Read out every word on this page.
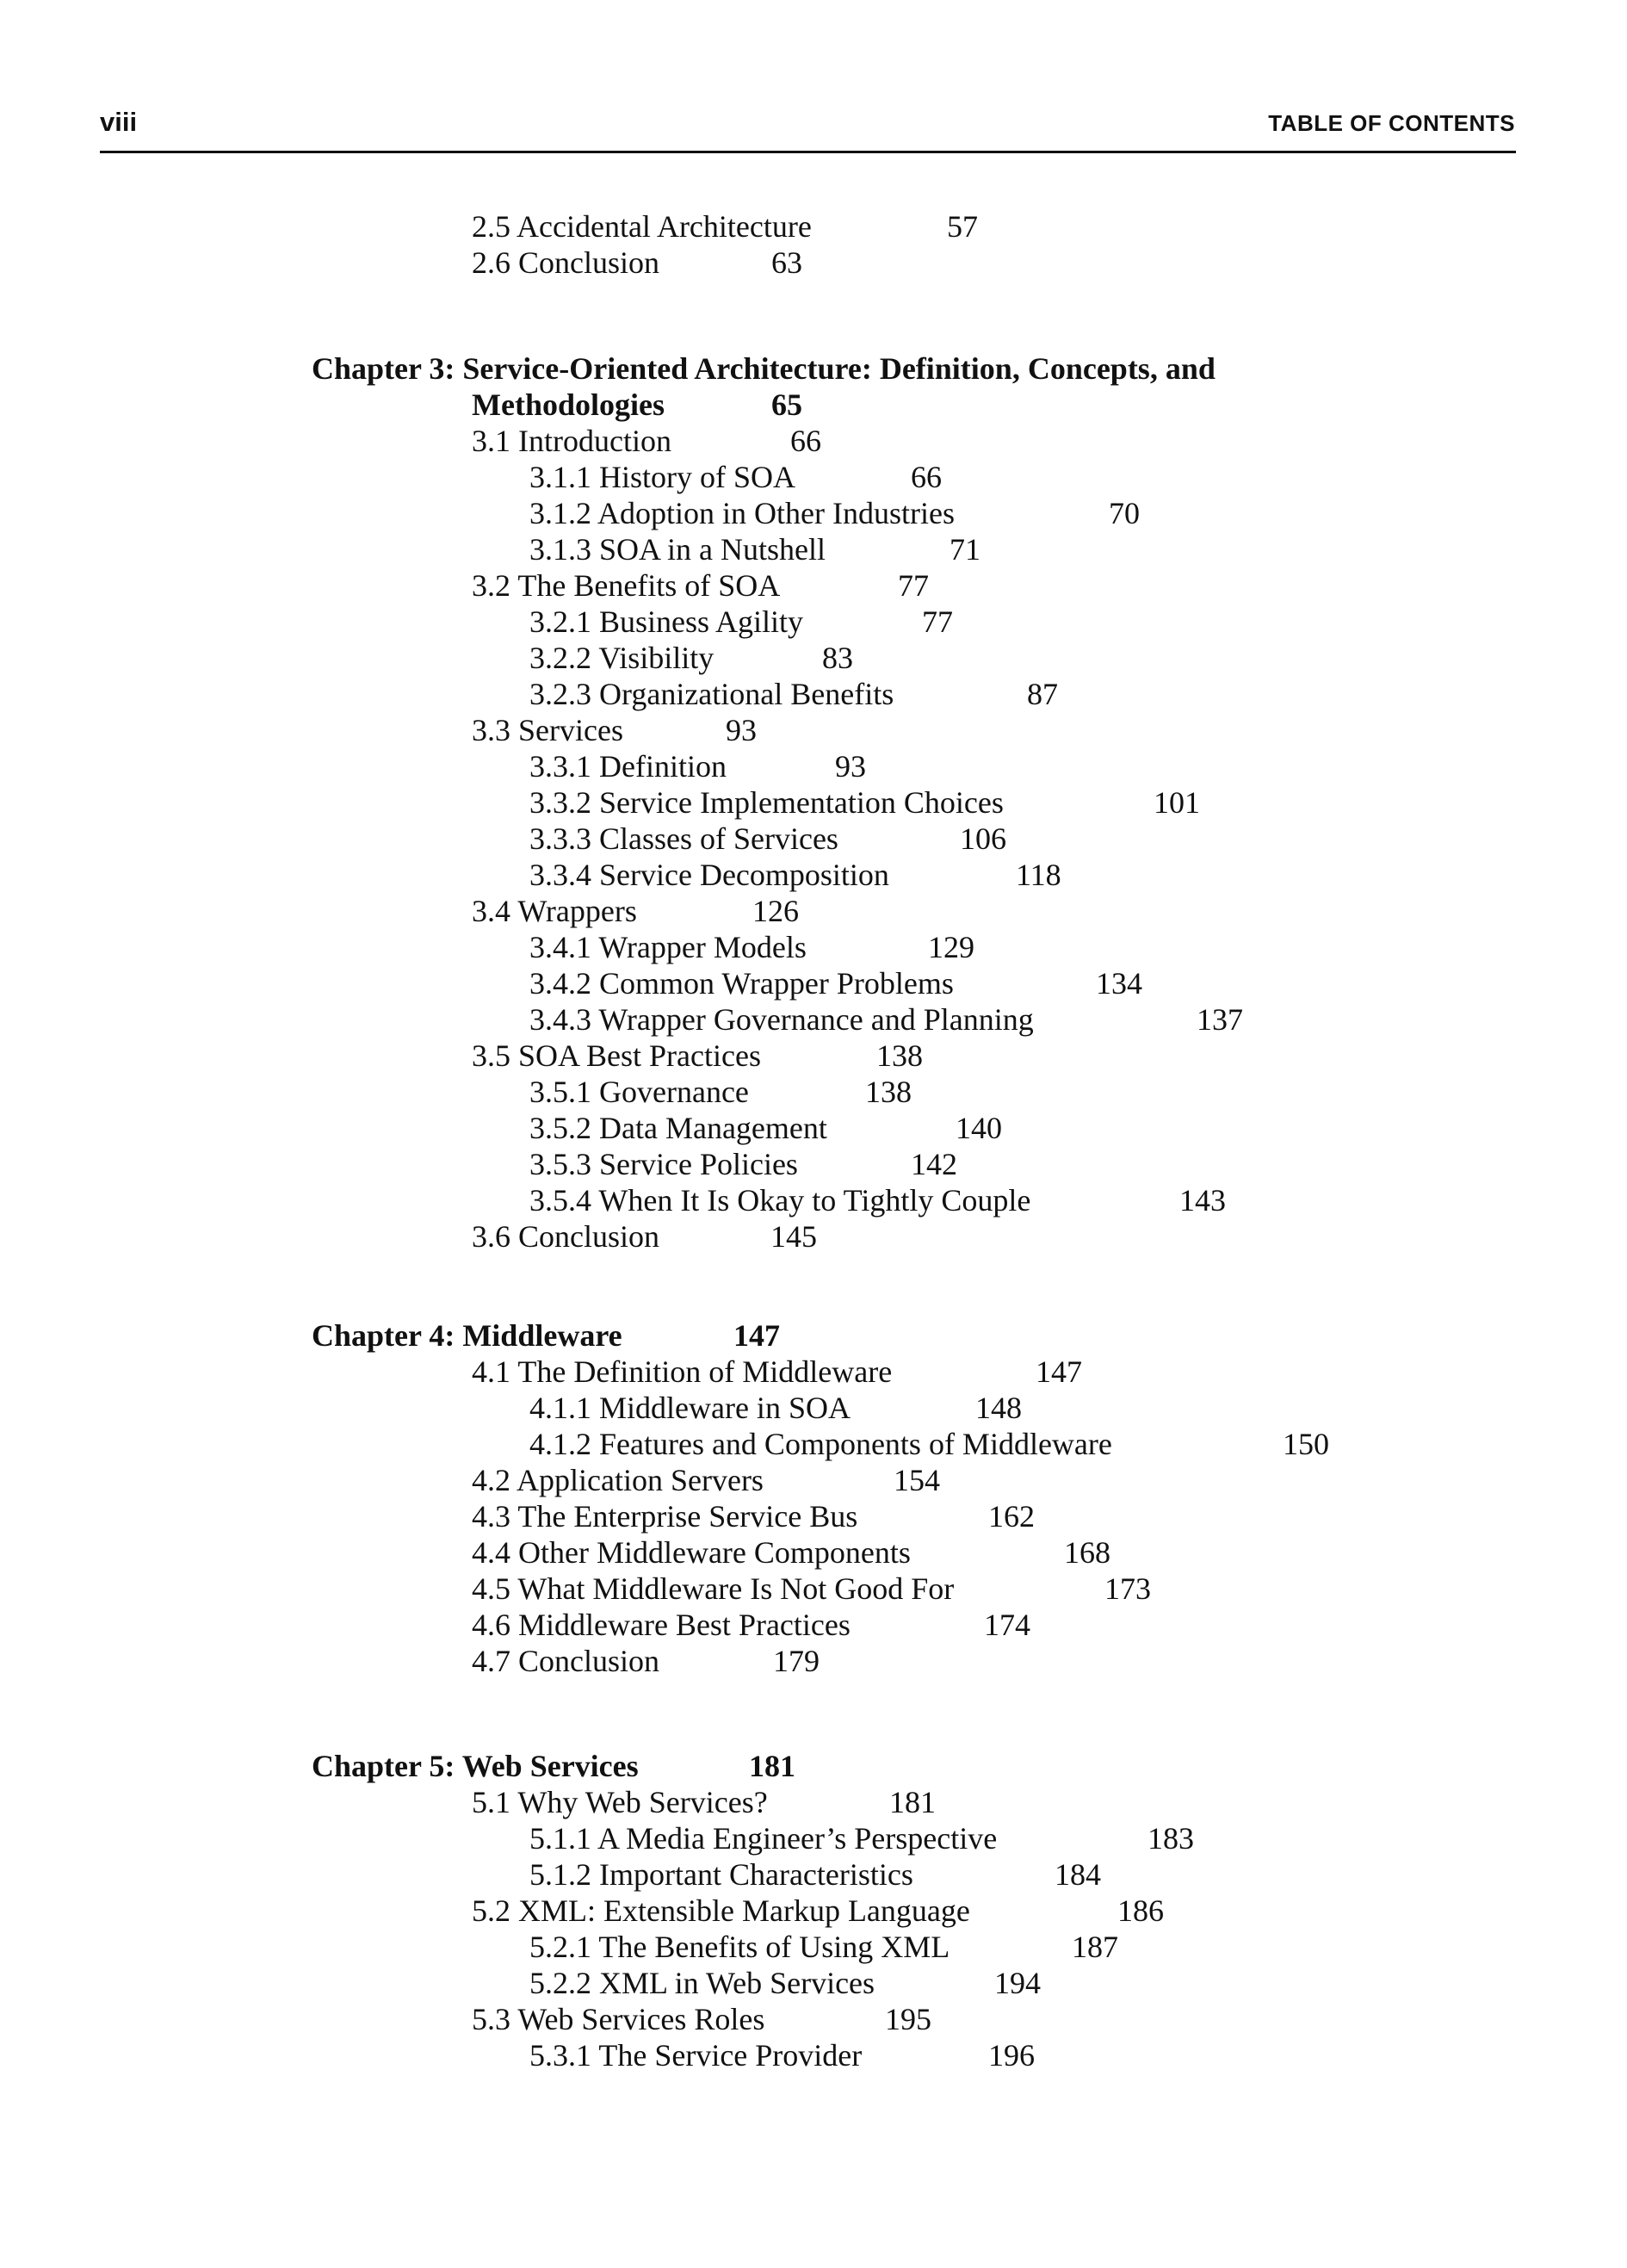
viii	TABLE OF CONTENTS
2.5 Accidental Architecture	57
2.6 Conclusion	63
Chapter 3: Service-Oriented Architecture: Definition, Concepts, and
Methodologies	65
3.1 Introduction	66
3.1.1 History of SOA	66
3.1.2 Adoption in Other Industries	70
3.1.3 SOA in a Nutshell	71
3.2 The Benefits of SOA	77
3.2.1 Business Agility	77
3.2.2 Visibility	83
3.2.3 Organizational Benefits	87
3.3 Services	93
3.3.1 Definition	93
3.3.2 Service Implementation Choices	101
3.3.3 Classes of Services	106
3.3.4 Service Decomposition	118
3.4 Wrappers	126
3.4.1 Wrapper Models	129
3.4.2 Common Wrapper Problems	134
3.4.3 Wrapper Governance and Planning	137
3.5 SOA Best Practices	138
3.5.1 Governance	138
3.5.2 Data Management	140
3.5.3 Service Policies	142
3.5.4 When It Is Okay to Tightly Couple	143
3.6 Conclusion	145
Chapter 4: Middleware	147
4.1 The Definition of Middleware	147
4.1.1 Middleware in SOA	148
4.1.2 Features and Components of Middleware	150
4.2 Application Servers	154
4.3 The Enterprise Service Bus	162
4.4 Other Middleware Components	168
4.5 What Middleware Is Not Good For	173
4.6 Middleware Best Practices	174
4.7 Conclusion	179
Chapter 5: Web Services	181
5.1 Why Web Services?	181
5.1.1 A Media Engineer’s Perspective	183
5.1.2 Important Characteristics	184
5.2 XML: Extensible Markup Language	186
5.2.1 The Benefits of Using XML	187
5.2.2 XML in Web Services	194
5.3 Web Services Roles	195
5.3.1 The Service Provider	196
